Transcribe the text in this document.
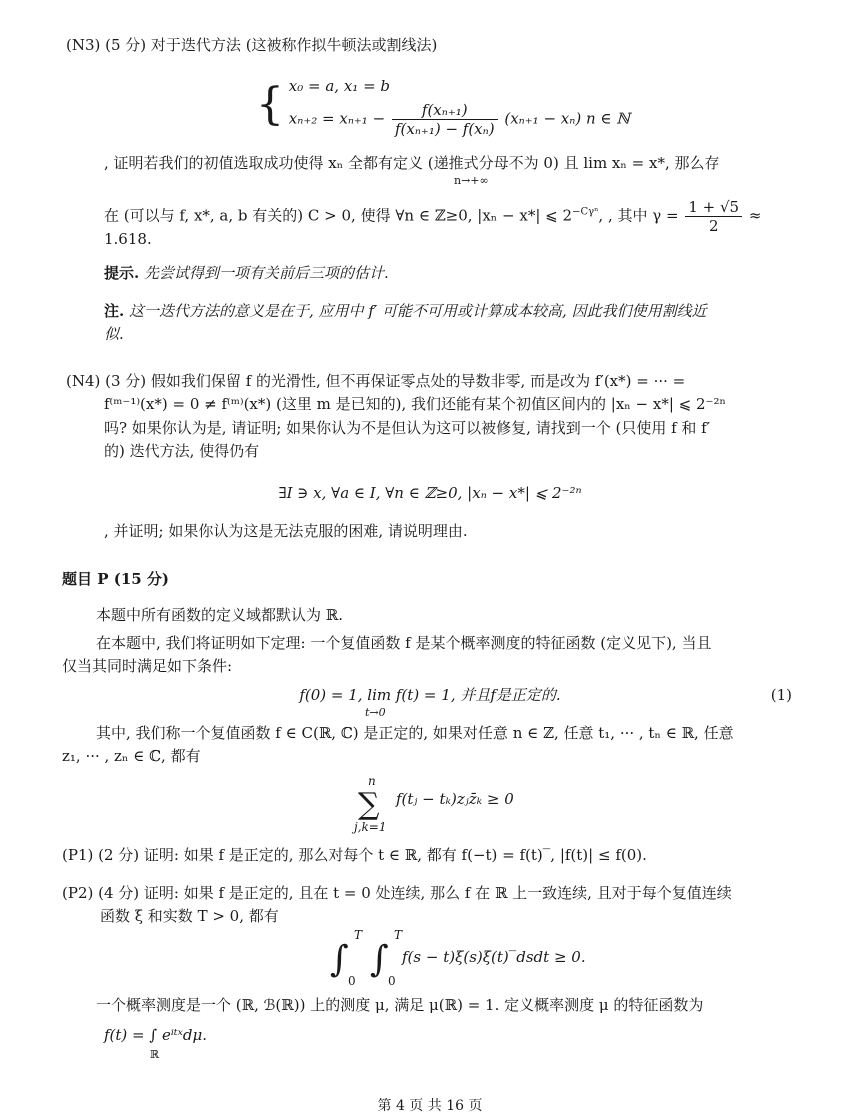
(N3) (5 分) 对于迭代方法 (这被称作拟牛顿法或割线法)
{ x₀ = a, x₁ = b
$x_{n+2} = x_{n+1} - \frac{\text{f(xₙ₊₁)}}{\text{f(xₙ₊₁) − f(xₙ)}} (x_{n+1} - x_n)$ n ∈ ℕ
, 证明若我们的初值选取成功使得 xₙ 全都有定义 (递推式分母不为 0) 且 lim xₙ = x*, 那么存
n→+∞
在 (可以与 f, x*, a, b 有关的) C > 0, 使得 ∀n ∈ ℤ≥0, |xₙ − x*| ⩽ $2^{-C\gamma^n}$, , 其中 $\gamma = \frac{1 + √5}{2}$ ≈
1.618.
提示. 先尝试得到一项有关前后三项的估计.
注. 这一迭代方法的意义是在于, 应用中 f′ 可能不可用或计算成本较高, 因此我们使用割线近
似.
(N4) (3 分) 假如我们保留 f 的光滑性, 但不再保证零点处的导数非零, 而是改为 f′(x*) = ··· =
f⁽ᵐ⁻¹⁾(x*) = 0 ≠ f⁽ᵐ⁾(x*) (这里 m 是已知的), 我们还能有某个初值区间内的 |xₙ − x*| ⩽ 2⁻²ⁿ
吗? 如果你认为是, 请证明; 如果你认为不是但认为这可以被修复, 请找到一个 (只使用 f 和 f′
的) 迭代方法, 使得仍有
∃I ∋ x, ∀a ∈ I, ∀n ∈ ℤ≥0, |xₙ − x*| ⩽ 2⁻²ⁿ
, 并证明; 如果你认为这是无法克服的困难, 请说明理由.
题目 P (15 分)
本题中所有函数的定义域都默认为 ℝ.
在本题中, 我们将证明如下定理: 一个复值函数 f 是某个概率测度的特征函数 (定义见下), 当且
仅当其同时满足如下条件:
f(0) = 1, lim f(t) = 1, 并且f是正定的.
t→0
(1)
其中, 我们称一个复值函数 f ∈ C(ℝ, ℂ) 是正定的, 如果对任意 n ∈ ℤ, 任意 t₁, ··· , tₙ ∈ ℝ, 任意
z₁, ··· , zₙ ∈ ℂ, 都有
n
∑ f(tⱼ − tₖ)zⱼz̄ₖ ≥ 0
j,k=1
(P1) (2 分) 证明: 如果 f 是正定的, 那么对每个 t ∈ ℝ, 都有 f(−t) = f(t)‾, |f(t)| ≤ f(0).
(P2) (4 分) 证明: 如果 f 是正定的, 且在 t = 0 处连续, 那么 f 在 ℝ 上一致连续, 且对于每个复值连续
函数 ξ 和实数 T > 0, 都有
∫
T
0
∫
T
0
f(s − t)ξ(s)ξ(t)‾dsdt ≥ 0.
一个概率测度是一个 (ℝ, ℬ(ℝ)) 上的测度 μ, 满足 μ(ℝ) = 1. 定义概率测度 μ 的特征函数为
f(t) = ∫ eⁱᵗˣdμ.
ℝ
第 4 页 共 16 页
